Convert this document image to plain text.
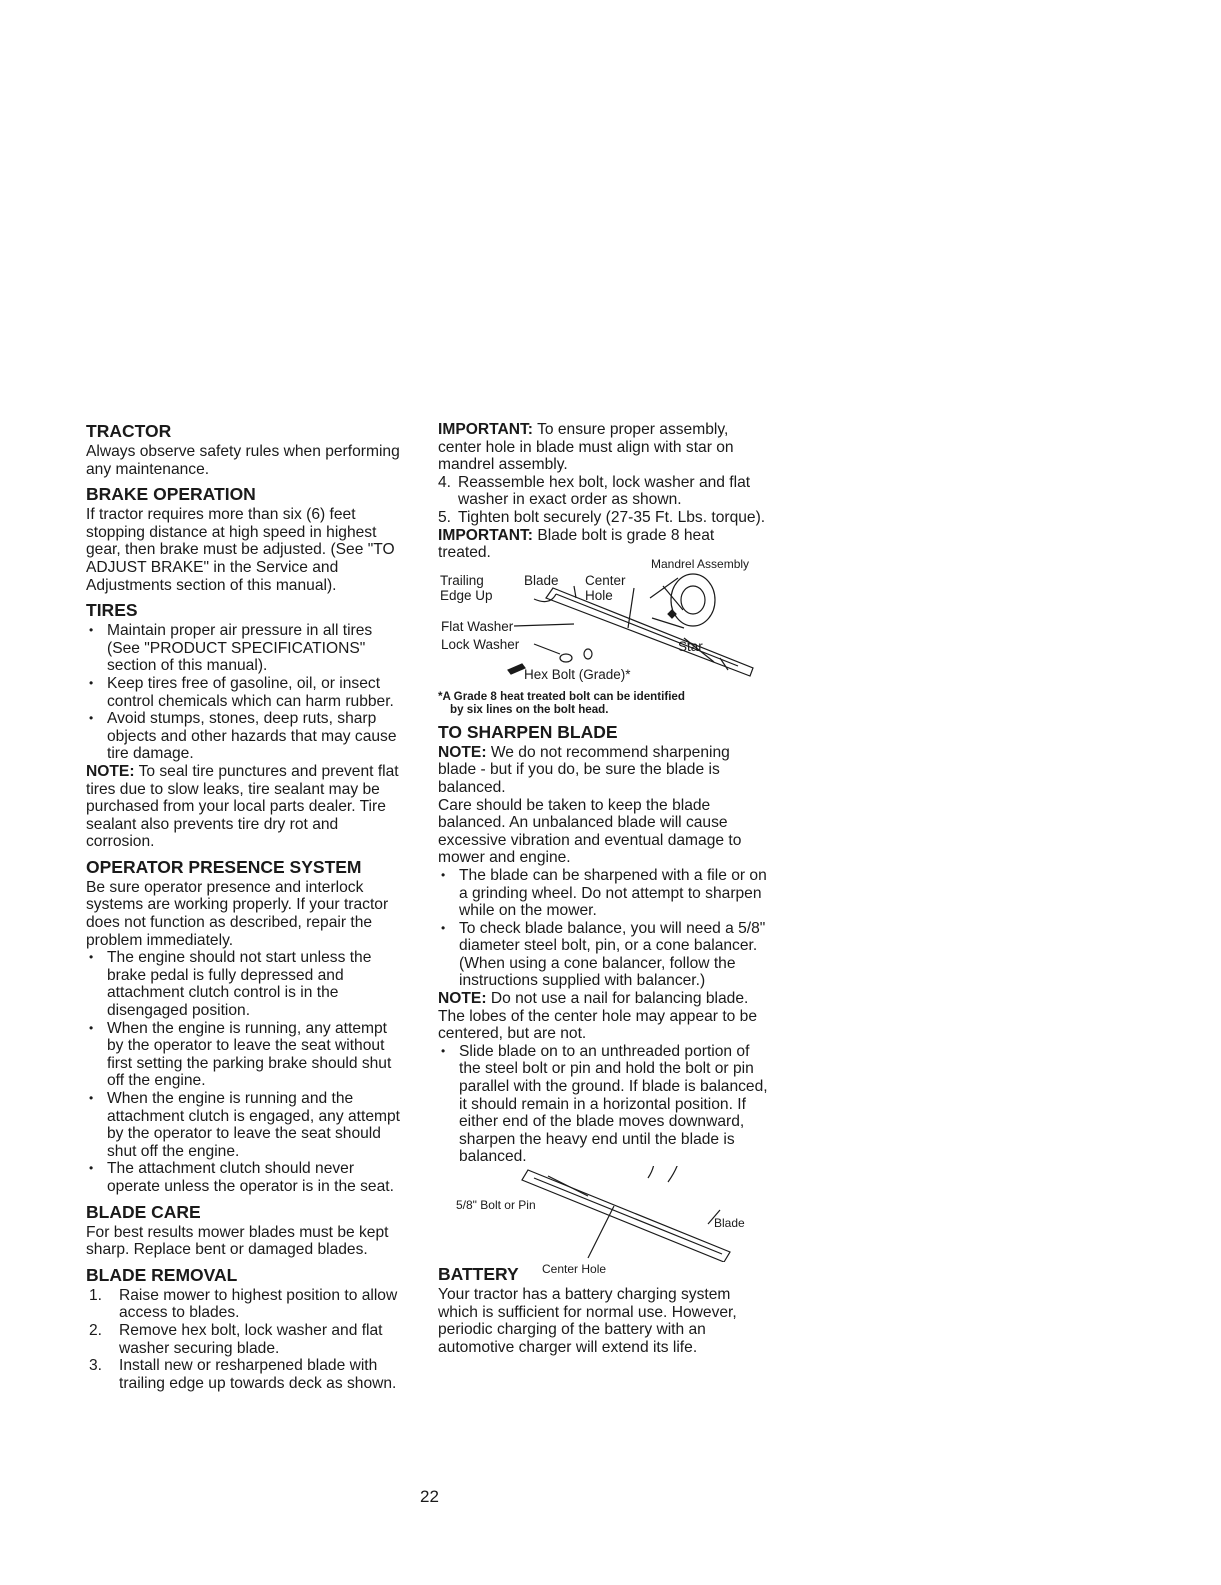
TRACTOR

Always observe safety rules when performing any maintenance.

BRAKE OPERATION

If tractor requires more than six (6) feet stopping distance at high speed in highest gear, then brake must be adjusted. (See "TO ADJUST BRAKE" in the Service and Adjustments section of this manual).

TIRES

• Maintain proper air pressure in all tires (See "PRODUCT SPECIFICATIONS" section of this manual).
• Keep tires free of gasoline, oil, or insect control chemicals which can harm rubber.
• Avoid stumps, stones, deep ruts, sharp objects and other hazards that may cause tire damage.

NOTE: To seal tire punctures and prevent flat tires due to slow leaks, tire sealant may be purchased from your local parts dealer. Tire sealant also prevents tire dry rot and corrosion.

OPERATOR PRESENCE SYSTEM

Be sure operator presence and interlock systems are working properly. If your tractor does not function as described, repair the problem immediately.

• The engine should not start unless the brake pedal is fully depressed and attachment clutch control is in the disengaged position.
• When the engine is running, any attempt by the operator to leave the seat without first setting the parking brake should shut off the engine.
• When the engine is running and the attachment clutch is engaged, any attempt by the operator to leave the seat should shut off the engine.
• The attachment clutch should never operate unless the operator is in the seat.

BLADE CARE

For best results mower blades must be kept sharp. Replace bent or damaged blades.

BLADE REMOVAL

1. Raise mower to highest position to allow access to blades.
2. Remove hex bolt, lock washer and flat washer securing blade.
3. Install new or resharpened blade with trailing edge up towards deck as shown.

IMPORTANT: To ensure proper assembly, center hole in blade must align with star on mandrel assembly.

4. Reassemble hex bolt, lock washer and flat washer in exact order as shown.
5. Tighten bolt securely (27-35 Ft. Lbs. torque).

IMPORTANT: Blade bolt is grade 8 heat treated.

Mandrel Assembly
Trailing
Edge Up
Blade Center
Hole
Flat Washer
Lock Washer	Star
Hex Bolt (Grade)*

*A Grade 8 heat treated bolt can be identified

by six lines on the bolt head.

TO SHARPEN BLADE

NOTE: We do not recommend sharpening blade - but if you do, be sure the blade is balanced.

Care should be taken to keep the blade balanced. An unbalanced blade will cause excessive vibration and eventual damage to mower and engine.

• The blade can be sharpened with a file or on a grinding wheel. Do not attempt to sharpen while on the mower.
• To check blade balance, you will need a 5/8" diameter steel bolt, pin, or a cone balancer. (When using a cone balancer, follow the instructions supplied with balancer.)

NOTE: Do not use a nail for balancing blade. The lobes of the center hole may appear to be centered, but are not.

• Slide blade on to an unthreaded portion of the steel bolt or pin and hold the bolt or pin parallel with the ground. If blade is balanced, it should remain in a horizontal position. If either end of the blade moves downward, sharpen the heavy end until the blade is balanced.
5/8" Bolt or Pin
Blade
Center Hole

BATTERY

Your tractor has a battery charging system which is sufficient for normal use. However, periodic charging of the battery with an automotive charger will extend its life.

22
